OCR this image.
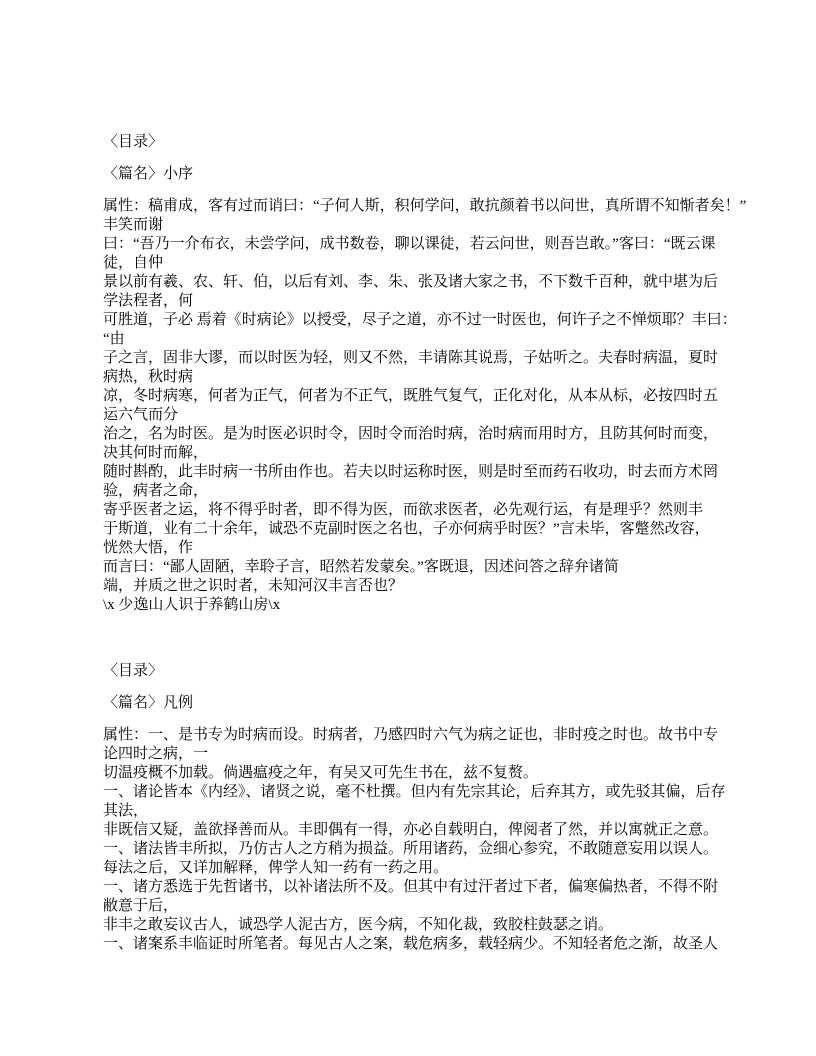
〈目录〉
〈篇名〉小序
属性：稿甫成，客有过而诮曰：“子何人斯，积何学问，敢抗颜着书以问世，真所谓不知惭者矣！”
丰笑而谢
曰：“吾乃一介布衣，未尝学问，成书数卷，聊以课徒，若云问世，则吾岂敢。”客曰：“既云课
徒，自仲
景以前有羲、农、轩、伯，以后有刘、李、朱、张及诸大家之书，不下数千百种，就中堪为后
学法程者，何
可胜道，子必 焉着《时病论》以授受，尽子之道，亦不过一时医也，何许子之不惮烦耶？丰曰：
“由
子之言，固非大谬，而以时医为轻，则又不然，丰请陈其说焉，子姑听之。夫春时病温，夏时
病热，秋时病
凉，冬时病寒，何者为正气，何者为不正气，既胜气复气，正化对化，从本从标，必按四时五
运六气而分
治之，名为时医。是为时医必识时令，因时令而治时病，治时病而用时方，且防其何时而变，
决其何时而解，
随时斟酌，此丰时病一书所由作也。若夫以时运称时医，则是时至而药石收功，时去而方术罔
验，病者之命，
寄乎医者之运，将不得乎时者，即不得为医，而欲求医者，必先观行运，有是理乎？然则丰
于斯道，业有二十余年，诚恐不克副时医之名也，子亦何病乎时医？”言未毕，客蹩然改容，
恍然大悟，作
而言曰：“鄙人固陋，幸聆子言，昭然若发蒙矣。”客既退，因述问答之辞弁诸简
端，并质之世之识时者，未知河汉丰言否也？
\x 少逸山人识于养鹤山房\x
〈目录〉
〈篇名〉凡例
属性：一、是书专为时病而设。时病者，乃感四时六气为病之证也，非时疫之时也。故书中专
论四时之病，一
切温疫概不加载。倘遇瘟疫之年，有吴又可先生书在，兹不复赘。
一、诸论皆本《内经》、诸贤之说，毫不杜撰。但内有先宗其论，后弃其方，或先驳其偏，后存
其法，
非既信又疑，盖欲择善而从。丰即偶有一得，亦必自载明白，俾阅者了然，并以寓就正之意。
一、诸法皆丰所拟，乃仿古人之方稍为损益。所用诸药，佥细心参究，不敢随意妄用以误人。
每法之后，又详加解释，俾学人知一药有一药之用。
一、诸方悉选于先哲诸书，以补诸法所不及。但其中有过汗者过下者，偏寒偏热者，不得不附
敝意于后，
非丰之敢妄议古人，诚恐学人泥古方，医今病，不知化裁，致胶柱鼓瑟之诮。
一、诸案系丰临证时所笔者。每见古人之案，载危病多，载轻病少。不知轻者危之渐，故圣人
